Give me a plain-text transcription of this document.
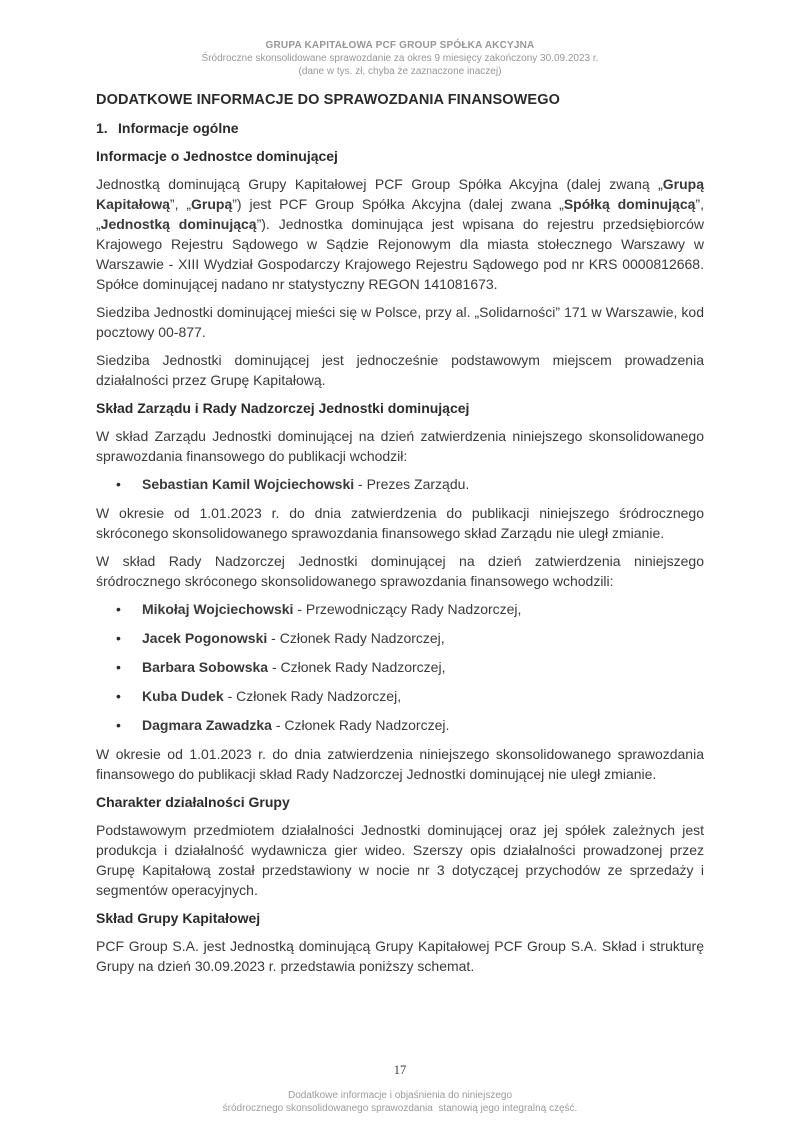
GRUPA KAPITAŁOWA PCF GROUP SPÓŁKA AKCYJNA
Śródroczne skonsolidowane sprawozdanie za okres 9 miesięcy zakończony 30.09.2023 r.
(dane w tys. zł, chyba że zaznaczone inaczej)
DODATKOWE INFORMACJE DO SPRAWOZDANIA FINANSOWEGO
1. Informacje ogólne
Informacje o Jednostce dominującej

Jednostką dominującą Grupy Kapitałowej PCF Group Spółka Akcyjna (dalej zwaną „Grupą Kapitałową”, „Grupą”) jest PCF Group Spółka Akcyjna (dalej zwana „Spółką dominującą”, „Jednostką dominującą”). Jednostka dominująca jest wpisana do rejestru przedsiębiorców Krajowego Rejestru Sądowego w Sądzie Rejonowym dla miasta stołecznego Warszawy w Warszawie - XIII Wydział Gospodarczy Krajowego Rejestru Sądowego pod nr KRS 0000812668. Spółce dominującej nadano nr statystyczny REGON 141081673.

Siedziba Jednostki dominującej mieści się w Polsce, przy al. „Solidarności” 171 w Warszawie, kod pocztowy 00-877.

Siedziba Jednostki dominującej jest jednocześnie podstawowym miejscem prowadzenia działalności przez Grupę Kapitałową.

Skład Zarządu i Rady Nadzorczej Jednostki dominującej

W skład Zarządu Jednostki dominującej na dzień zatwierdzenia niniejszego skonsolidowanego sprawozdania finansowego do publikacji wchodził:

•	Sebastian Kamil Wojciechowski - Prezes Zarządu.

W okresie od 1.01.2023 r. do dnia zatwierdzenia do publikacji niniejszego śródrocznego skróconego skonsolidowanego sprawozdania finansowego skład Zarządu nie uległ zmianie.

W skład Rady Nadzorczej Jednostki dominującej na dzień zatwierdzenia niniejszego śródrocznego skróconego skonsolidowanego sprawozdania finansowego wchodzili:

•	Mikołaj Wojciechowski - Przewodniczący Rady Nadzorczej,
•	Jacek Pogonowski - Członek Rady Nadzorczej,
•	Barbara Sobowska - Członek Rady Nadzorczej,
•	Kuba Dudek - Członek Rady Nadzorczej,
•	Dagmara Zawadzka - Członek Rady Nadzorczej.

W okresie od 1.01.2023 r. do dnia zatwierdzenia niniejszego skonsolidowanego sprawozdania finansowego do publikacji skład Rady Nadzorczej Jednostki dominującej nie uległ zmianie.

Charakter działalności Grupy

Podstawowym przedmiotem działalności Jednostki dominującej oraz jej spółek zależnych jest produkcja i działalność wydawnicza gier wideo. Szerszy opis działalności prowadzonej przez Grupę Kapitałową został przedstawiony w nocie nr 3 dotyczącej przychodów ze sprzedaży i segmentów operacyjnych.

Skład Grupy Kapitałowej

PCF Group S.A. jest Jednostką dominującą Grupy Kapitałowej PCF Group S.A. Skład i strukturę Grupy na dzień 30.09.2023 r. przedstawia poniższy schemat.

17
Dodatkowe informacje i objaśnienia do niniejszego
śródrocznego skonsolidowanego sprawozdania  stanowią jego integralną część.
